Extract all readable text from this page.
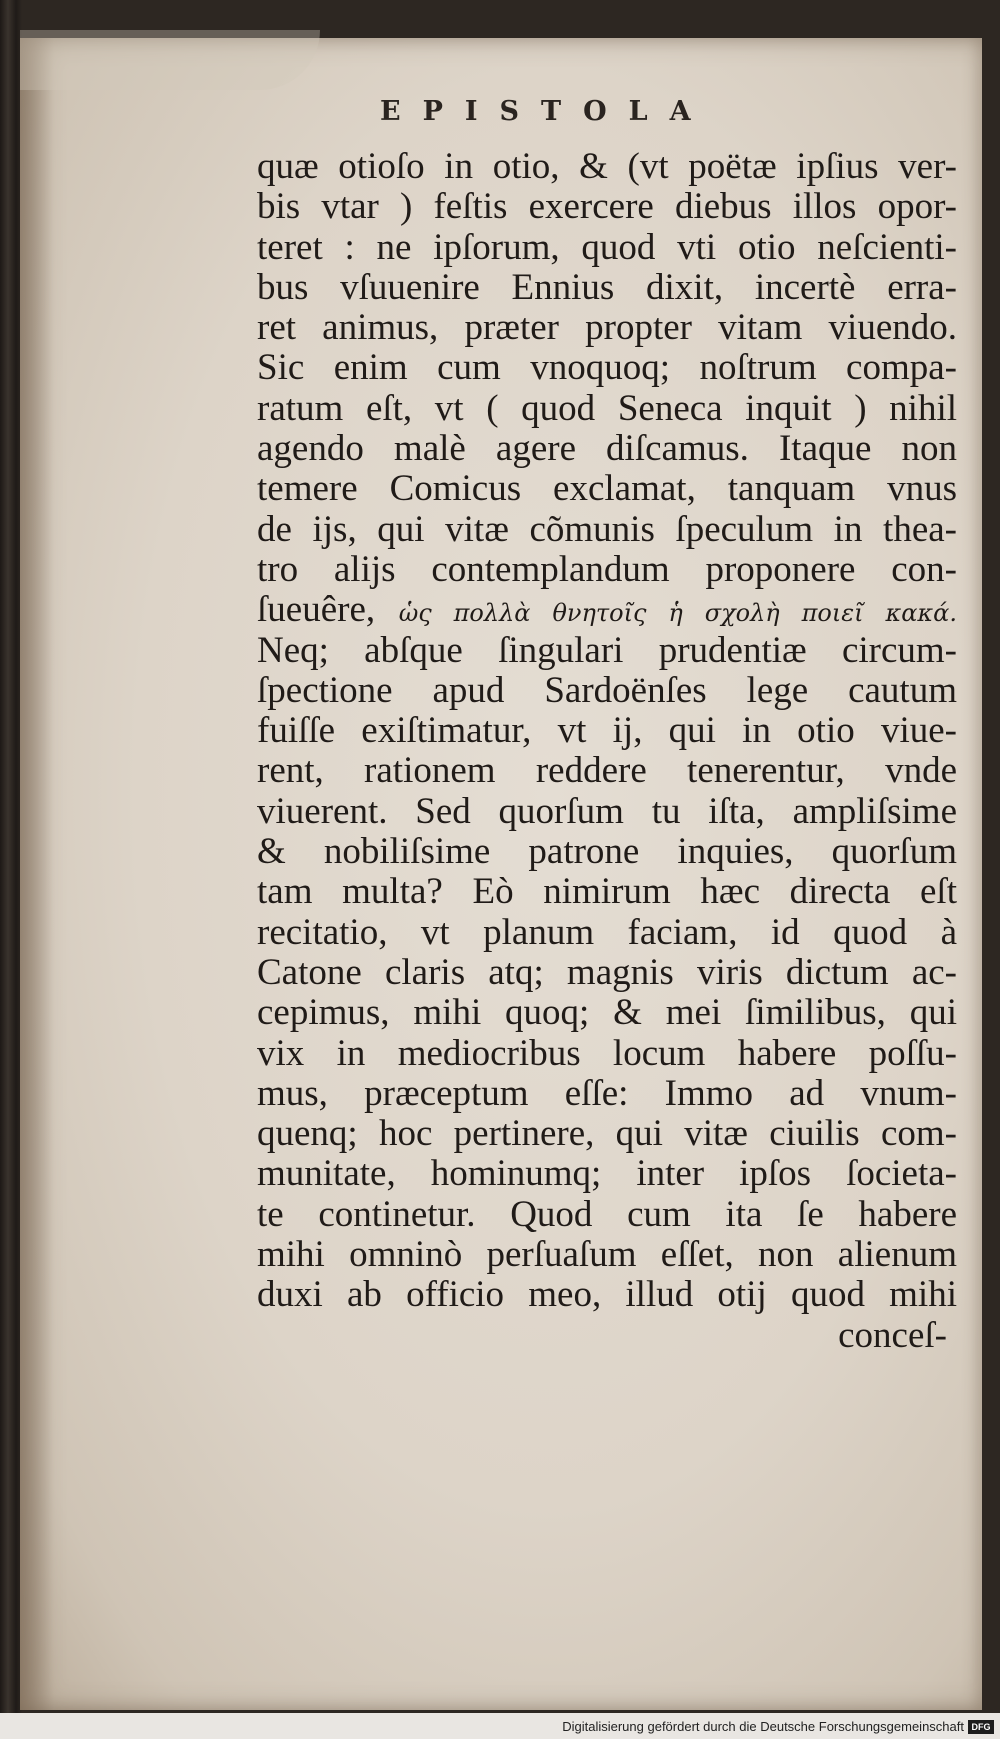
EPISTOLA
quæ otioſo in otio, & (vt poëtæ ipſius ver-
bis vtar ) feſtis exercere diebus illos opor-
teret : ne ipſorum, quod vti otio neſcienti-
bus vſuuenire Ennius dixit, incertè erra-
ret animus, præter propter vitam viuendo.
Sic enim cum vnoquoq; noſtrum compa-
ratum eſt, vt ( quod Seneca inquit ) nihil
agendo malè agere diſcamus. Itaque non
temere Comicus exclamat, tanquam vnus
de ijs, qui vitæ cõmunis ſpeculum in thea-
tro alijs contemplandum proponere con-
ſueuêre, ὡς πολλὰ θνητοῖς ἡ σχολὴ ποιεῖ κακά.
Neq; abſque ſingulari prudentiæ circum-
ſpectione apud Sardoënſes lege cautum
fuiſſe exiſtimatur, vt ij, qui in otio viue-
rent, rationem reddere tenerentur, vnde
viuerent. Sed quorſum tu iſta, ampliſsime
& nobiliſsime patrone inquies, quorſum
tam multa? Eò nimirum hæc directa eſt
recitatio, vt planum faciam, id quod à
Catone claris atq; magnis viris dictum ac-
cepimus, mihi quoq; & mei ſimilibus, qui
vix in mediocribus locum habere poſſu-
mus, præceptum eſſe: Immo ad vnum-
quenq; hoc pertinere, qui vitæ ciuilis com-
munitate, hominumq; inter ipſos ſocieta-
te continetur. Quod cum ita ſe habere
mihi omninò perſuaſum eſſet, non alienum
duxi ab officio meo, illud otij quod mihi
conceſ-
Digitalisierung gefördert durch die Deutsche Forschungsgemeinschaft DFG
